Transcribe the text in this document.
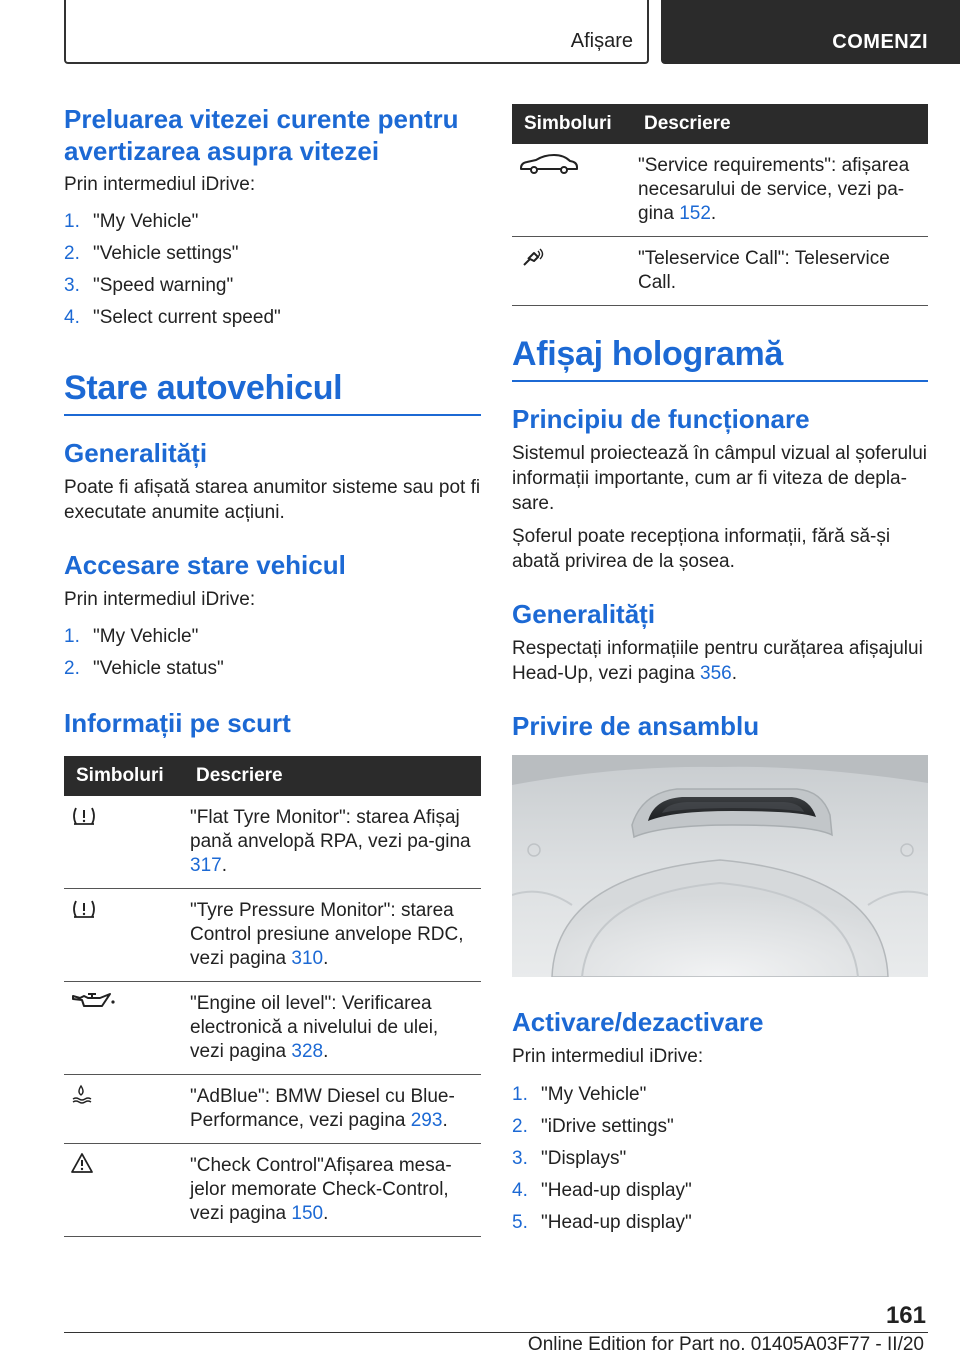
Afișare	COMENZI
Preluarea vitezei curente pentru avertizarea asupra vitezei

Prin intermediul iDrive:

1. "My Vehicle"
2. "Vehicle settings"
3. "Speed warning"
4. "Select current speed"
Stare autovehicul
Generalități

Poate fi afișată starea anumitor sisteme sau pot fi executate anumite acțiuni.

Accesare stare vehicul

Prin intermediul iDrive:

1. "My Vehicle"
2. "Vehicle status"
Informații pe scurt
Simboluri	Descriere

	"Flat Tyre Monitor": starea Afișaj pană anvelopă RPA, vezi pa-gina 317.

	"Tyre Pressure Monitor": starea Control presiune anvelope RDC, vezi pagina 310.

	"Engine oil level": Verificarea electronică a nivelului de ulei, vezi pagina 328.

	"AdBlue": BMW Diesel cu Blue-Performance, vezi pagina 293.

	"Check Control"Afișarea mesa-jelor memorate Check-Control, vezi pagina 150.
Simboluri	Descriere

	"Service requirements": afișarea necesarului de service, vezi pa-gina 152.

	"Teleservice Call": Teleservice Call.
Afișaj hologramă
Principiu de funcționare

Sistemul proiectează în câmpul vizual al șoferului informații importante, cum ar fi viteza de depla-sare.

Șoferul poate recepționa informații, fără să-și abată privirea de la șosea.

Generalități

Respectați informațiile pentru curățarea afișajului Head-Up, vezi pagina 356.

Privire de ansamblu
Activare/dezactivare

Prin intermediul iDrive:

1. "My Vehicle"
2. "iDrive settings"
3. "Displays"
4. "Head-up display"
5. "Head-up display"
161
Online Edition for Part no. 01405A03F77 - II/20
